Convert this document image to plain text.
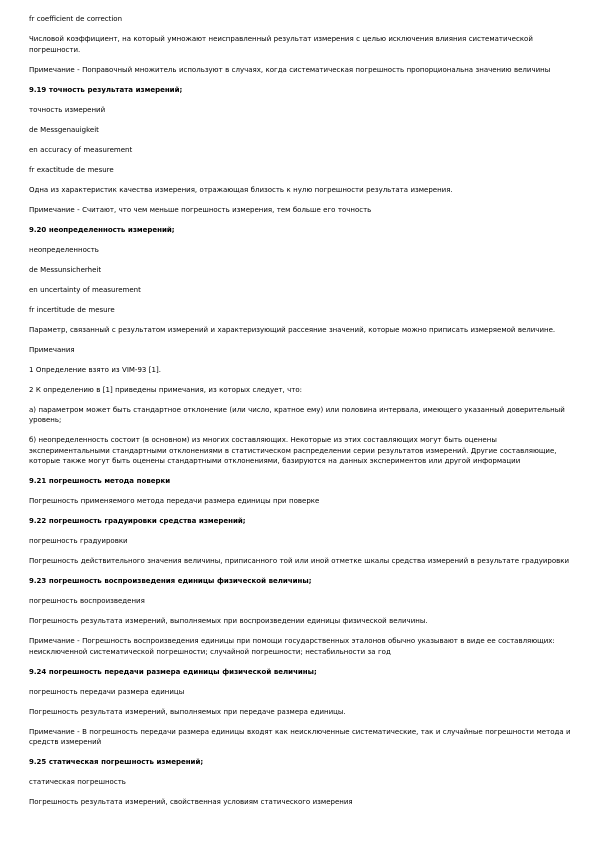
fr coefficient de correction

Числовой коэффициент, на который умножают неисправленный результат измерения с целью исключения влияния систематической погрешности.

Примечание - Поправочный множитель используют в случаях, когда систематическая погрешность пропорциональна значению величины

9.19 точность результата измерений;

точность измерений

de Messgenauigkeit

en accuracy of measurement

fr exactitude de mesure

Одна из характеристик качества измерения, отражающая близость к нулю погрешности результата измерения.

Примечание - Считают, что чем меньше погрешность измерения, тем больше его точность

9.20 неопределенность измерений;

неопределенность

de Messunsicherheit

en uncertainty of measurement

fr incertitude de mesure

Параметр, связанный с результатом измерений и характеризующий рассеяние значений, которые можно приписать измеряемой величине.

Примечания

1 Определение взято из VIM-93 [1].

2 К определению в [1] приведены примечания, из которых следует, что:

а) параметром может быть стандартное отклонение (или число, кратное ему) или половина интервала, имеющего указанный доверительный уровень;

б) неопределенность состоит (в основном) из многих составляющих. Некоторые из этих составляющих могут быть оценены экспериментальными стандартными отклонениями в статистическом распределении серии результатов измерений. Другие составляющие, которые также могут быть оценены стандартными отклонениями, базируются на данных экспериментов или другой информации

9.21 погрешность метода поверки

Погрешность применяемого метода передачи размера единицы при поверке

9.22 погрешность градуировки средства измерений;

погрешность градуировки

Погрешность действительного значения величины, приписанного той или иной отметке шкалы средства измерений в результате градуировки

9.23 погрешность воспроизведения единицы физической величины;

погрешность воспроизведения

Погрешность результата измерений, выполняемых при воспроизведении единицы физической величины.

Примечание - Погрешность воспроизведения единицы при помощи государственных эталонов обычно указывают в виде ее составляющих: неисключенной систематической погрешности; случайной погрешности; нестабильности за год

9.24 погрешность передачи размера единицы физической величины;

погрешность передачи размера единицы

Погрешность результата измерений, выполняемых при передаче размера единицы.

Примечание - В погрешность передачи размера единицы входят как неисключенные систематические, так и случайные погрешности метода и средств измерений

9.25 статическая погрешность измерений;

статическая погрешность

Погрешность результата измерений, свойственная условиям статического измерения
